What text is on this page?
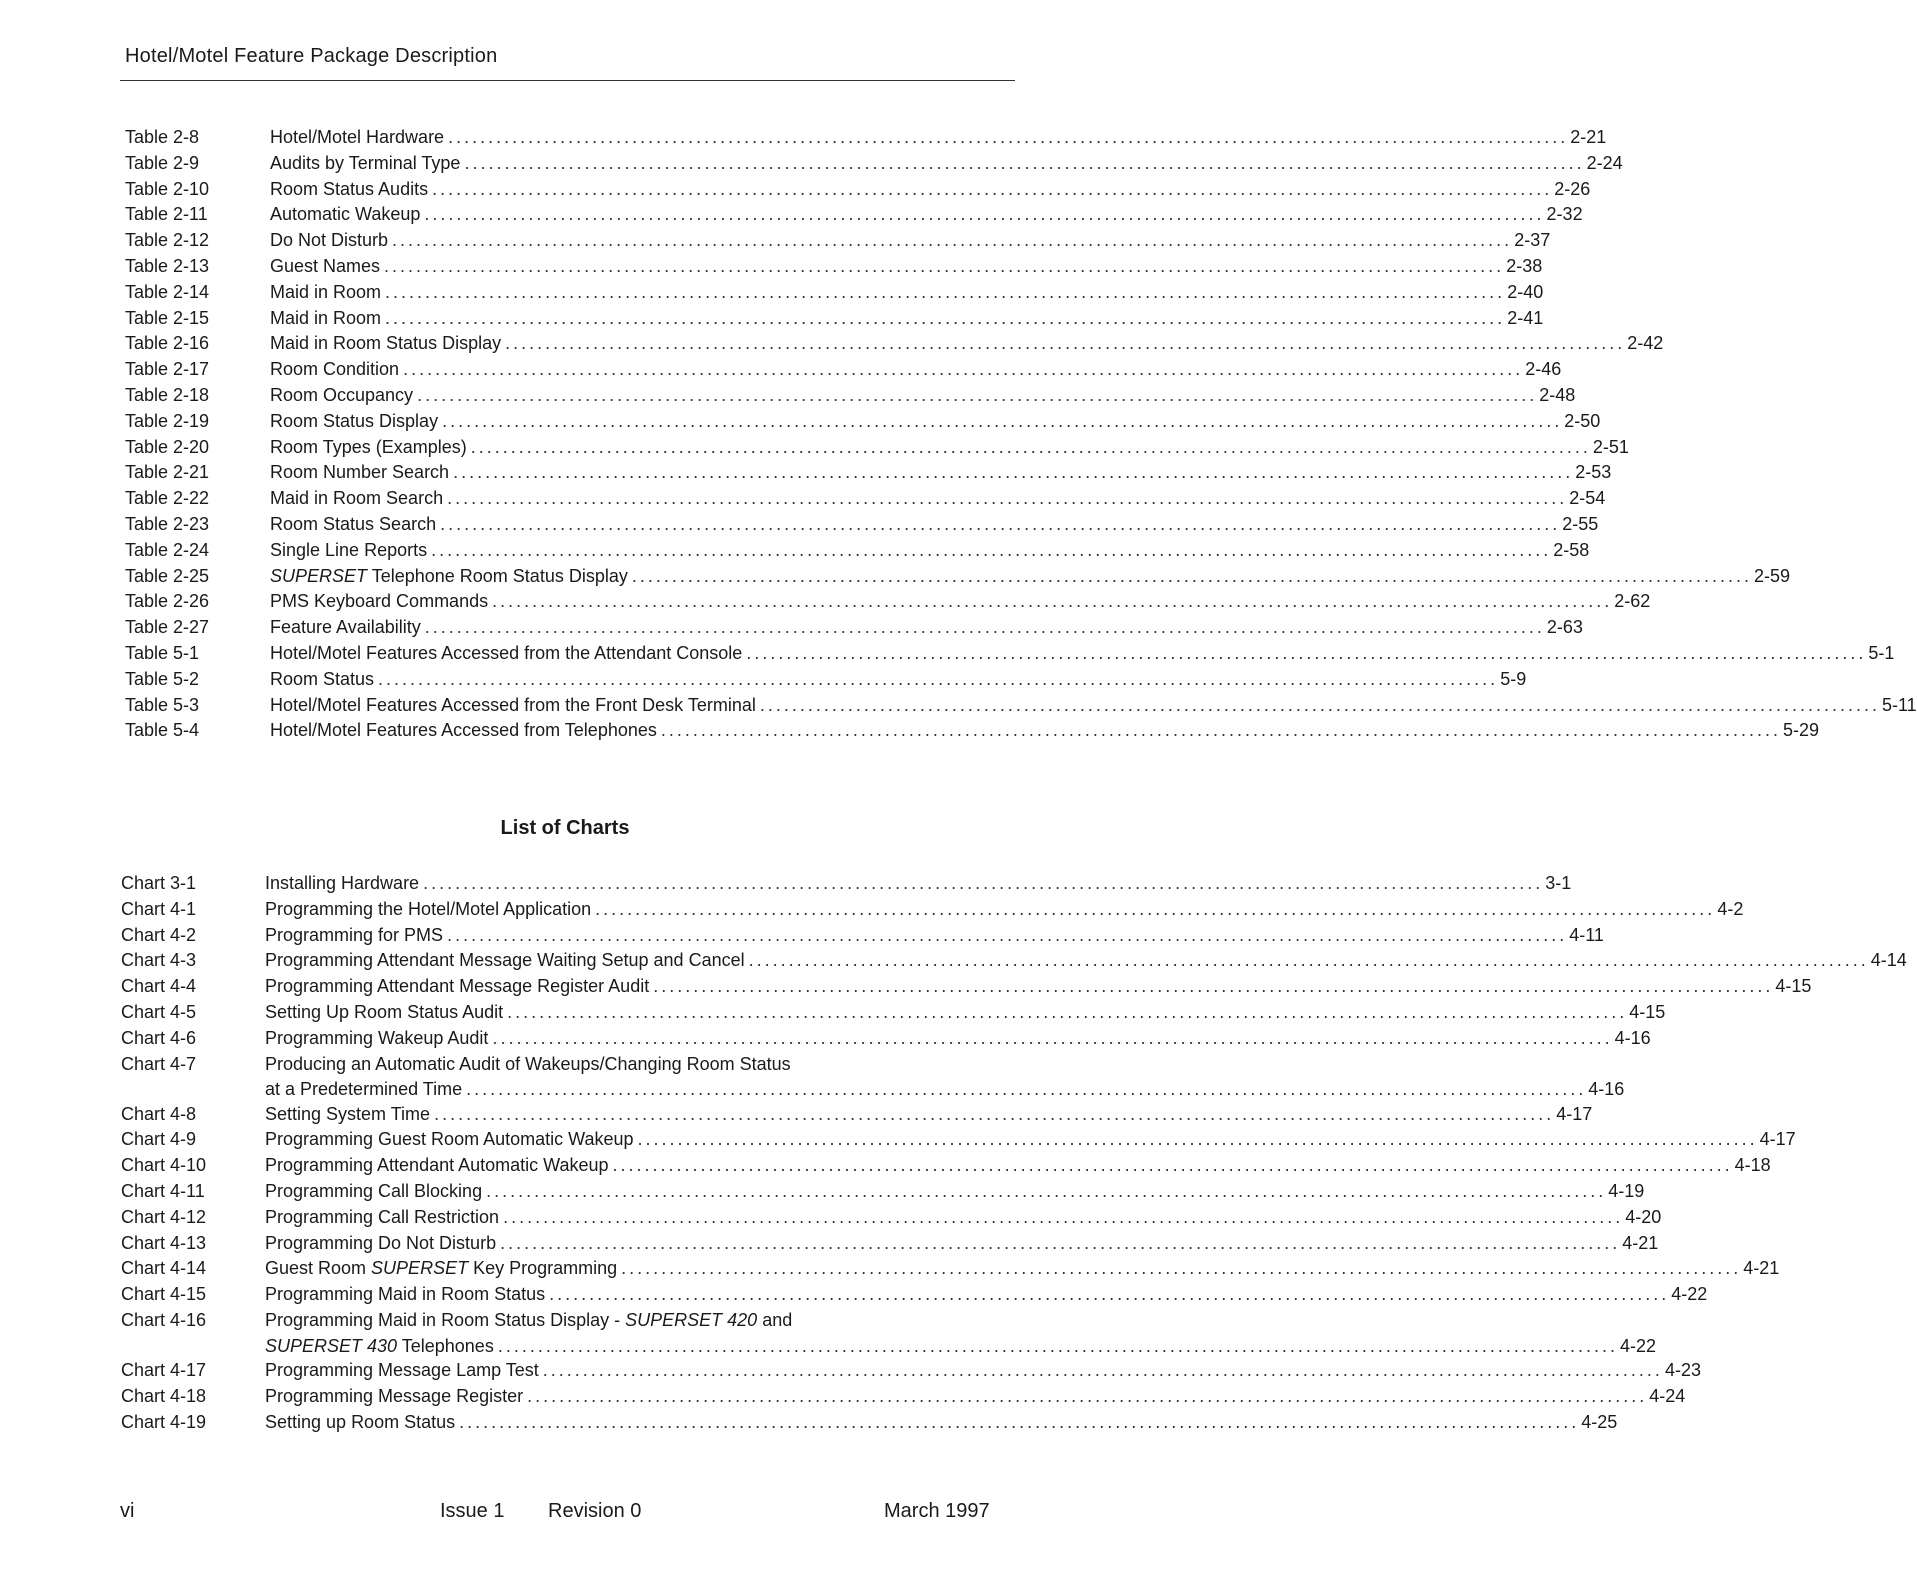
Hotel/Motel Feature Package Description
Table 2-8	Hotel/Motel Hardware ............................................................................................................................................ 2-21
Table 2-9	Audits by Terminal Type ............................................................................................................................................ 2-24
Table 2-10	Room Status Audits ............................................................................................................................................ 2-26
Table 2-11	Automatic Wakeup ............................................................................................................................................ 2-32
Table 2-12	Do Not Disturb ............................................................................................................................................ 2-37
Table 2-13	Guest Names ............................................................................................................................................ 2-38
Table 2-14	Maid in Room ............................................................................................................................................ 2-40
Table 2-15	Maid in Room ............................................................................................................................................ 2-41
Table 2-16	Maid in Room Status Display ............................................................................................................................................ 2-42
Table 2-17	Room Condition ............................................................................................................................................ 2-46
Table 2-18	Room Occupancy ............................................................................................................................................ 2-48
Table 2-19	Room Status Display ............................................................................................................................................ 2-50
Table 2-20	Room Types (Examples) ............................................................................................................................................ 2-51
Table 2-21	Room Number Search ............................................................................................................................................ 2-53
Table 2-22	Maid in Room Search ............................................................................................................................................ 2-54
Table 2-23	Room Status Search ............................................................................................................................................ 2-55
Table 2-24	Single Line Reports ............................................................................................................................................ 2-58
Table 2-25	SUPERSET Telephone Room Status Display ............................................................................................................................................ 2-59
Table 2-26	PMS Keyboard Commands ............................................................................................................................................ 2-62
Table 2-27	Feature Availability ............................................................................................................................................ 2-63
Table 5-1	Hotel/Motel Features Accessed from the Attendant Console ............................................................................................................................................ 5-1
Table 5-2	Room Status ............................................................................................................................................ 5-9
Table 5-3	Hotel/Motel Features Accessed from the Front Desk Terminal ............................................................................................................................................ 5-11
Table 5-4	Hotel/Motel Features Accessed from Telephones ............................................................................................................................................ 5-29
List of Charts
Chart 3-1	Installing Hardware ............................................................................................................................................ 3-1
Chart 4-1	Programming the Hotel/Motel Application ............................................................................................................................................ 4-2
Chart 4-2	Programming for PMS ............................................................................................................................................ 4-11
Chart 4-3	Programming Attendant Message Waiting Setup and Cancel ............................................................................................................................................ 4-14
Chart 4-4	Programming Attendant Message Register Audit ............................................................................................................................................ 4-15
Chart 4-5	Setting Up Room Status Audit ............................................................................................................................................ 4-15
Chart 4-6	Programming Wakeup Audit ............................................................................................................................................ 4-16
Chart 4-7	Producing an Automatic Audit of Wakeups/Changing Room Status
at a Predetermined Time ............................................................................................................................................ 4-16
Chart 4-8	Setting System Time ............................................................................................................................................ 4-17
Chart 4-9	Programming Guest Room Automatic Wakeup ............................................................................................................................................ 4-17
Chart 4-10	Programming Attendant Automatic Wakeup ............................................................................................................................................ 4-18
Chart 4-11	Programming Call Blocking ............................................................................................................................................ 4-19
Chart 4-12	Programming Call Restriction ............................................................................................................................................ 4-20
Chart 4-13	Programming Do Not Disturb ............................................................................................................................................ 4-21
Chart 4-14	Guest Room SUPERSET Key Programming ............................................................................................................................................ 4-21
Chart 4-15	Programming Maid in Room Status ............................................................................................................................................ 4-22
Chart 4-16	Programming Maid in Room Status Display - SUPERSET 420 and
SUPERSET 430 Telephones ............................................................................................................................................ 4-22
Chart 4-17	Programming Message Lamp Test ............................................................................................................................................ 4-23
Chart 4-18	Programming Message Register ............................................................................................................................................ 4-24
Chart 4-19	Setting up Room Status ............................................................................................................................................ 4-25
vi	Issue 1 Revision 0	March 1997
